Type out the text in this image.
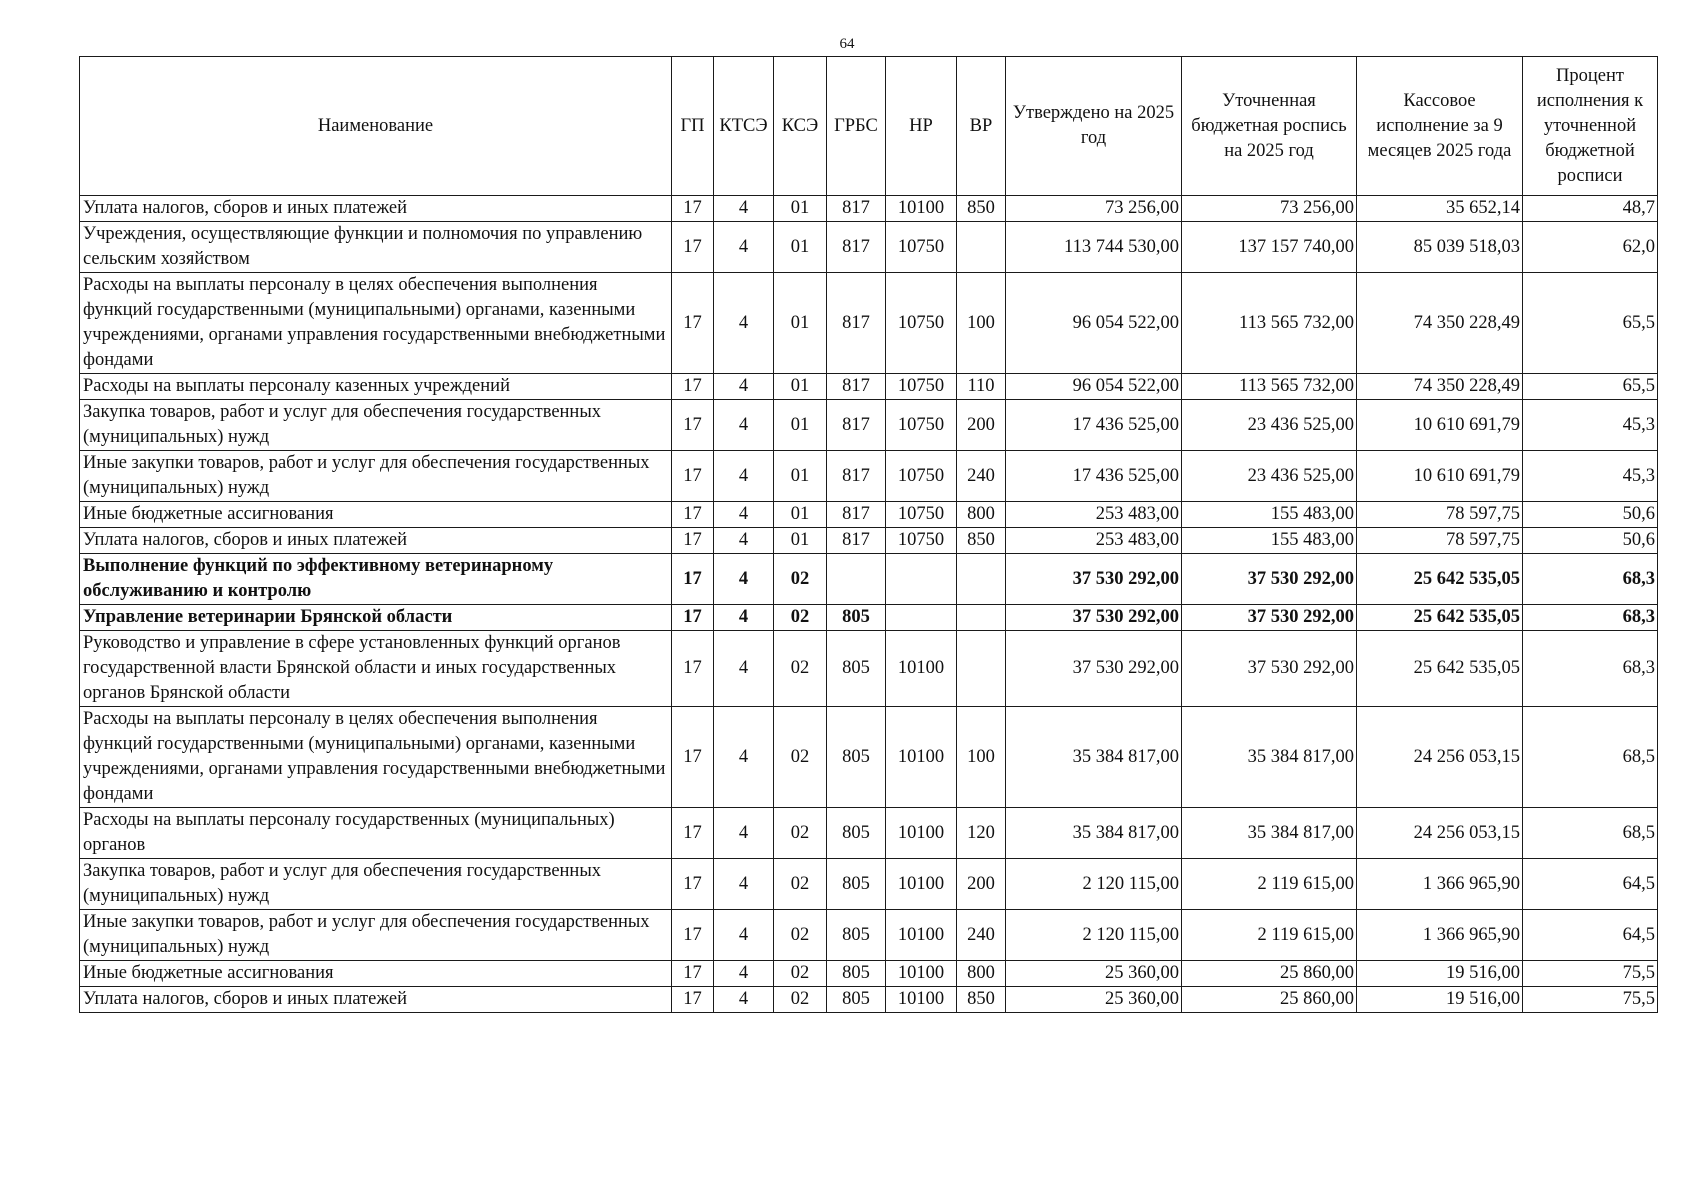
64
Наименование	ГП	КТСЭ	КСЭ	ГРБС	НР	ВР	Утверждено на 2025 год	Уточненная бюджетная роспись на 2025 год	Кассовое исполнение за 9 месяцев 2025 года	Процент исполнения к уточненной бюджетной росписи
Уплата налогов, сборов и иных платежей	17	4	01	817	10100	850	73 256,00	73 256,00	35 652,14	48,7
Учреждения, осуществляющие функции и полномочия по управлению сельским хозяйством	17	4	01	817	10750		113 744 530,00	137 157 740,00	85 039 518,03	62,0
Расходы на выплаты персоналу в целях обеспечения выполнения функций государственными (муниципальными) органами, казенными учреждениями, органами управления государственными внебюджетными фондами	17	4	01	817	10750	100	96 054 522,00	113 565 732,00	74 350 228,49	65,5
Расходы на выплаты персоналу казенных учреждений	17	4	01	817	10750	110	96 054 522,00	113 565 732,00	74 350 228,49	65,5
Закупка товаров, работ и услуг для обеспечения государственных (муниципальных) нужд	17	4	01	817	10750	200	17 436 525,00	23 436 525,00	10 610 691,79	45,3
Иные закупки товаров, работ и услуг для обеспечения государственных (муниципальных) нужд	17	4	01	817	10750	240	17 436 525,00	23 436 525,00	10 610 691,79	45,3
Иные бюджетные ассигнования	17	4	01	817	10750	800	253 483,00	155 483,00	78 597,75	50,6
Уплата налогов, сборов и иных платежей	17	4	01	817	10750	850	253 483,00	155 483,00	78 597,75	50,6
Выполнение функций по эффективному ветеринарному обслуживанию и контролю	17	4	02				37 530 292,00	37 530 292,00	25 642 535,05	68,3
Управление ветеринарии Брянской области	17	4	02	805			37 530 292,00	37 530 292,00	25 642 535,05	68,3
Руководство и управление в сфере установленных функций органов государственной власти Брянской области и иных государственных органов Брянской области	17	4	02	805	10100		37 530 292,00	37 530 292,00	25 642 535,05	68,3
Расходы на выплаты персоналу в целях обеспечения выполнения функций государственными (муниципальными) органами, казенными учреждениями, органами управления государственными внебюджетными фондами	17	4	02	805	10100	100	35 384 817,00	35 384 817,00	24 256 053,15	68,5
Расходы на выплаты персоналу государственных (муниципальных) органов	17	4	02	805	10100	120	35 384 817,00	35 384 817,00	24 256 053,15	68,5
Закупка товаров, работ и услуг для обеспечения государственных (муниципальных) нужд	17	4	02	805	10100	200	2 120 115,00	2 119 615,00	1 366 965,90	64,5
Иные закупки товаров, работ и услуг для обеспечения государственных (муниципальных) нужд	17	4	02	805	10100	240	2 120 115,00	2 119 615,00	1 366 965,90	64,5
Иные бюджетные ассигнования	17	4	02	805	10100	800	25 360,00	25 860,00	19 516,00	75,5
Уплата налогов, сборов и иных платежей	17	4	02	805	10100	850	25 360,00	25 860,00	19 516,00	75,5
